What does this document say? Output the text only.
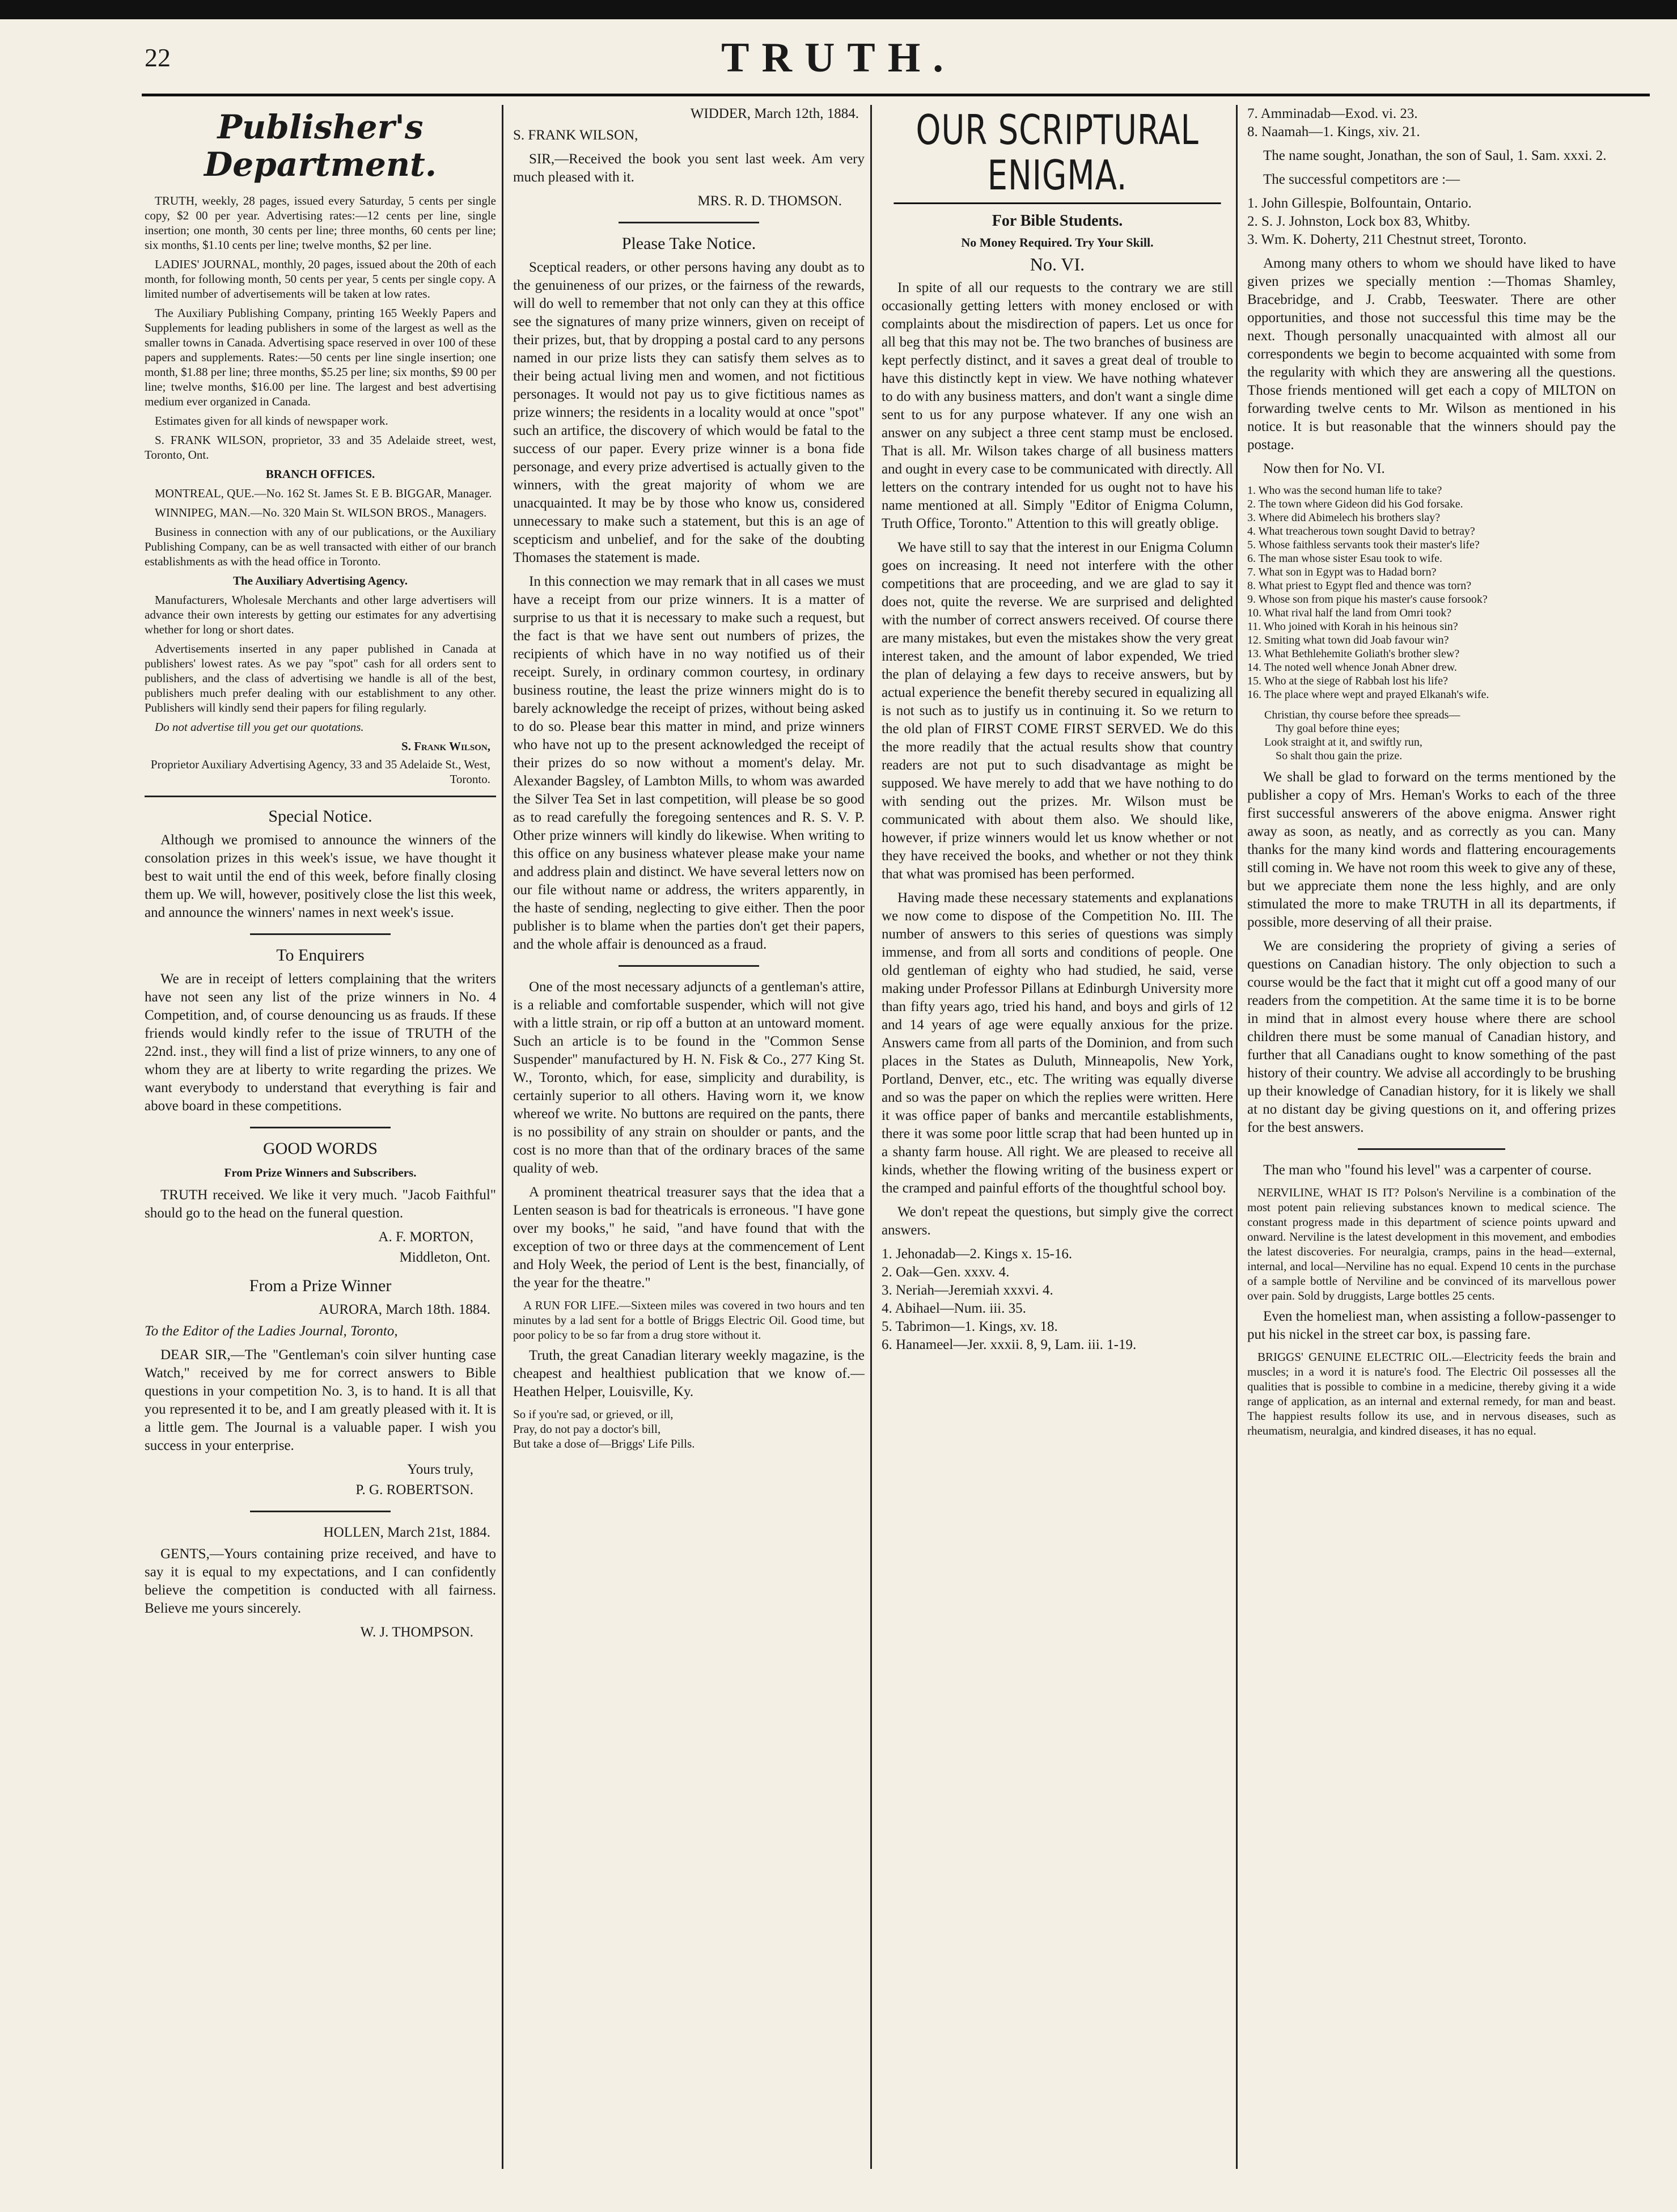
22	TRUTH.
Publisher's Department.

TRUTH, weekly, 28 pages, issued every Saturday, 5 cents per single copy, $2 00 per year. Advertising rates:—12 cents per line, single insertion; one month, 30 cents per line; three months, 60 cents per line; six months, $1.10 cents per line; twelve months, $2 per line.

LADIES' JOURNAL, monthly, 20 pages, issued about the 20th of each month, for following month, 50 cents per year, 5 cents per single copy. A limited number of advertisements will be taken at low rates.

The Auxiliary Publishing Company, printing 165 Weekly Papers and Supplements for leading publishers in some of the largest as well as the smaller towns in Canada. Advertising space reserved in over 100 of these papers and supplements. Rates:—50 cents per line single insertion; one month, $1.88 per line; three months, $5.25 per line; six months, $9 00 per line; twelve months, $16.00 per line. The largest and best advertising medium ever organized in Canada.

Estimates given for all kinds of newspaper work.

S. FRANK WILSON, proprietor, 33 and 35 Adelaide street, west, Toronto, Ont.

BRANCH OFFICES.

MONTREAL, QUE.—No. 162 St. James St. E B. BIGGAR, Manager.

WINNIPEG, MAN.—No. 320 Main St. WILSON BROS., Managers.

Business in connection with any of our publications, or the Auxiliary Publishing Company, can be as well transacted with either of our branch establishments as with the head office in Toronto.

The Auxiliary Advertising Agency.

Manufacturers, Wholesale Merchants and other large advertisers will advance their own interests by getting our estimates for any advertising whether for long or short dates.

Advertisements inserted in any paper published in Canada at publishers' lowest rates. As we pay "spot" cash for all orders sent to publishers, and the class of advertising we handle is all of the best, publishers much prefer dealing with our establishment to any other. Publishers will kindly send their papers for filing regularly.

Do not advertise till you get our quotations.

S. Frank Wilson,
Proprietor Auxiliary Advertising Agency, 33 and 35 Adelaide St., West, Toronto.
Special Notice.

Although we promised to announce the winners of the consolation prizes in this week's issue, we have thought it best to wait until the end of this week, before finally closing them up. We will, however, positively close the list this week, and announce the winners' names in next week's issue.

To Enquirers

We are in receipt of letters complaining that the writers have not seen any list of the prize winners in No. 4 Competition, and, of course denouncing us as frauds. If these friends would kindly refer to the issue of TRUTH of the 22nd. inst., they will find a list of prize winners, to any one of whom they are at liberty to write regarding the prizes. We want everybody to understand that everything is fair and above board in these competitions.

GOOD WORDS
From Prize Winners and Subscribers.

TRUTH received. We like it very much. "Jacob Faithful" should go to the head on the funeral question.

A. F. MORTON,
Middleton, Ont.
From a Prize Winner
AURORA, March 18th. 1884.

To the Editor of the Ladies Journal, Toronto,

DEAR SIR,—The "Gentleman's coin silver hunting case Watch," received by me for correct answers to Bible questions in your competition No. 3, is to hand. It is all that you represented it to be, and I am greatly pleased with it. It is a little gem. The Journal is a valuable paper. I wish you success in your enterprise.

Yours truly,
P. G. ROBERTSON.
HOLLEN, March 21st, 1884.

GENTS,—Yours containing prize received, and have to say it is equal to my expectations, and I can confidently believe the competition is conducted with all fairness. Believe me yours sincerely.

W. J. THOMPSON.
WIDDER, March 12th, 1884.

S. FRANK WILSON,

SIR,—Received the book you sent last week. Am very much pleased with it.

MRS. R. D. THOMSON.
Please Take Notice.

Sceptical readers, or other persons having any doubt as to the genuineness of our prizes, or the fairness of the rewards, will do well to remember that not only can they at this office see the signatures of many prize winners, given on receipt of their prizes, but, that by dropping a postal card to any persons named in our prize lists they can satisfy them selves as to their being actual living men and women, and not fictitious personages. It would not pay us to give fictitious names as prize winners; the residents in a locality would at once "spot" such an artifice, the discovery of which would be fatal to the success of our paper. Every prize winner is a bona fide personage, and every prize advertised is actually given to the winners, with the great majority of whom we are unacquainted. It may be by those who know us, considered unnecessary to make such a statement, but this is an age of scepticism and unbelief, and for the sake of the doubting Thomases the statement is made.

In this connection we may remark that in all cases we must have a receipt from our prize winners. It is a matter of surprise to us that it is necessary to make such a request, but the fact is that we have sent out numbers of prizes, the recipients of which have in no way notified us of their receipt. Surely, in ordinary common courtesy, in ordinary business routine, the least the prize winners might do is to barely acknowledge the receipt of prizes, without being asked to do so. Please bear this matter in mind, and prize winners who have not up to the present acknowledged the receipt of their prizes do so now without a moment's delay. Mr. Alexander Bagsley, of Lambton Mills, to whom was awarded the Silver Tea Set in last competition, will please be so good as to read carefully the foregoing sentences and R. S. V. P. Other prize winners will kindly do likewise. When writing to this office on any business whatever please make your name and address plain and distinct. We have several letters now on our file without name or address, the writers apparently, in the haste of sending, neglecting to give either. Then the poor publisher is to blame when the parties don't get their papers, and the whole affair is denounced as a fraud.

One of the most necessary adjuncts of a gentleman's attire, is a reliable and comfortable suspender, which will not give with a little strain, or rip off a button at an untoward moment. Such an article is to be found in the "Common Sense Suspender" manufactured by H. N. Fisk & Co., 277 King St. W., Toronto, which, for ease, simplicity and durability, is certainly superior to all others. Having worn it, we know whereof we write. No buttons are required on the pants, there is no possibility of any strain on shoulder or pants, and the cost is no more than that of the ordinary braces of the same quality of web.

A prominent theatrical treasurer says that the idea that a Lenten season is bad for theatricals is erroneous. "I have gone over my books," he said, "and have found that with the exception of two or three days at the commencement of Lent and Holy Week, the period of Lent is the best, financially, of the year for the theatre."

A RUN FOR LIFE.—Sixteen miles was covered in two hours and ten minutes by a lad sent for a bottle of Briggs Electric Oil. Good time, but poor policy to be so far from a drug store without it.

Truth, the great Canadian literary weekly magazine, is the cheapest and healthiest publication that we know of.—Heathen Helper, Louisville, Ky.

So if you're sad, or grieved, or ill,
Pray, do not pay a doctor's bill,
But take a dose of—Briggs' Life Pills.
OUR SCRIPTURAL ENIGMA.
For Bible Students.
No Money Required. Try Your Skill.
No. VI.

In spite of all our requests to the contrary we are still occasionally getting letters with money enclosed or with complaints about the misdirection of papers. Let us once for all beg that this may not be. The two branches of business are kept perfectly distinct, and it saves a great deal of trouble to have this distinctly kept in view. We have nothing whatever to do with any business matters, and don't want a single dime sent to us for any purpose whatever. If any one wish an answer on any subject a three cent stamp must be enclosed. That is all. Mr. Wilson takes charge of all business matters and ought in every case to be communicated with directly. All letters on the contrary intended for us ought not to have his name mentioned at all. Simply "Editor of Enigma Column, Truth Office, Toronto." Attention to this will greatly oblige.

We have still to say that the interest in our Enigma Column goes on increasing. It need not interfere with the other competitions that are proceeding, and we are glad to say it does not, quite the reverse. We are surprised and delighted with the number of correct answers received. Of course there are many mistakes, but even the mistakes show the very great interest taken, and the amount of labor expended, We tried the plan of delaying a few days to receive answers, but by actual experience the benefit thereby secured in equalizing all is not such as to justify us in continuing it. So we return to the old plan of FIRST COME FIRST SERVED. We do this the more readily that the actual results show that country readers are not put to such disadvantage as might be supposed. We have merely to add that we have nothing to do with sending out the prizes. Mr. Wilson must be communicated with about them also. We should like, however, if prize winners would let us know whether or not they have received the books, and whether or not they think that what was promised has been performed.

Having made these necessary statements and explanations we now come to dispose of the Competition No. III. The number of answers to this series of questions was simply immense, and from all sorts and conditions of people. One old gentleman of eighty who had studied, he said, verse making under Professor Pillans at Edinburgh University more than fifty years ago, tried his hand, and boys and girls of 12 and 14 years of age were equally anxious for the prize. Answers came from all parts of the Dominion, and from such places in the States as Duluth, Minneapolis, New York, Portland, Denver, etc., etc. The writing was equally diverse and so was the paper on which the replies were written. Here it was office paper of banks and mercantile establishments, there it was some poor little scrap that had been hunted up in a shanty farm house. All right. We are pleased to receive all kinds, whether the flowing writing of the business expert or the cramped and painful efforts of the thoughtful school boy.

We don't repeat the questions, but simply give the correct answers.

1. Jehonadab—2. Kings x. 15-16.
2. Oak—Gen. xxxv. 4.
3. Neriah—Jeremiah xxxvi. 4.
4. Abihael—Num. iii. 35.
5. Tabrimon—1. Kings, xv. 18.
6. Hanameel—Jer. xxxii. 8, 9, Lam. iii. 1-19.
7. Amminadab—Exod. vi. 23.
8. Naamah—1. Kings, xiv. 21.

The name sought, Jonathan, the son of Saul, 1. Sam. xxxi. 2.

The successful competitors are :—

1. John Gillespie, Bolfountain, Ontario.
2. S. J. Johnston, Lock box 83, Whitby.
3. Wm. K. Doherty, 211 Chestnut street, Toronto.

Among many others to whom we should have liked to have given prizes we specially mention :—Thomas Shamley, Bracebridge, and J. Crabb, Teeswater. There are other opportunities, and those not successful this time may be the next. Though personally unacquainted with almost all our correspondents we begin to become acquainted with some from the regularity with which they are answering all the questions. Those friends mentioned will get each a copy of MILTON on forwarding twelve cents to Mr. Wilson as mentioned in his notice. It is but reasonable that the winners should pay the postage.

Now then for No. VI.

1. Who was the second human life to take?
2. The town where Gideon did his God forsake.
3. Where did Abimelech his brothers slay?
4. What treacherous town sought David to betray?
5. Whose faithless servants took their master's life?
6. The man whose sister Esau took to wife.
7. What son in Egypt was to Hadad born?
8. What priest to Egypt fled and thence was torn?
9. Whose son from pique his master's cause forsook?
10. What rival half the land from Omri took?
11. Who joined with Korah in his heinous sin?
12. Smiting what town did Joab favour win?
13. What Bethlehemite Goliath's brother slew?
14. The noted well whence Jonah Abner drew.
15. Who at the siege of Rabbah lost his life?
16. The place where wept and prayed Elkanah's wife.
Christian, thy course before thee spreads—
Thy goal before thine eyes;
Look straight at it, and swiftly run,
So shalt thou gain the prize.

We shall be glad to forward on the terms mentioned by the publisher a copy of Mrs. Heman's Works to each of the three first successful answerers of the above enigma. Answer right away as soon, as neatly, and as correctly as you can. Many thanks for the many kind words and flattering encouragements still coming in. We have not room this week to give any of these, but we appreciate them none the less highly, and are only stimulated the more to make TRUTH in all its departments, if possible, more deserving of all their praise.

We are considering the propriety of giving a series of questions on Canadian history. The only objection to such a course would be the fact that it might cut off a good many of our readers from the competition. At the same time it is to be borne in mind that in almost every house where there are school children there must be some manual of Canadian history, and further that all Canadians ought to know something of the past history of their country. We advise all accordingly to be brushing up their knowledge of Canadian history, for it is likely we shall at no distant day be giving questions on it, and offering prizes for the best answers.

The man who "found his level" was a carpenter of course.

NERVILINE, WHAT IS IT? Polson's Nerviline is a combination of the most potent pain relieving substances known to medical science. The constant progress made in this department of science points upward and onward. Nerviline is the latest development in this movement, and embodies the latest discoveries. For neuralgia, cramps, pains in the head—external, internal, and local—Nerviline has no equal. Expend 10 cents in the purchase of a sample bottle of Nerviline and be convinced of its marvellous power over pain. Sold by druggists, Large bottles 25 cents.

Even the homeliest man, when assisting a follow-passenger to put his nickel in the street car box, is passing fare.

BRIGGS' GENUINE ELECTRIC OIL.—Electricity feeds the brain and muscles; in a word it is nature's food. The Electric Oil possesses all the qualities that is possible to combine in a medicine, thereby giving it a wide range of application, as an internal and external remedy, for man and beast. The happiest results follow its use, and in nervous diseases, such as rheumatism, neuralgia, and kindred diseases, it has no equal.
